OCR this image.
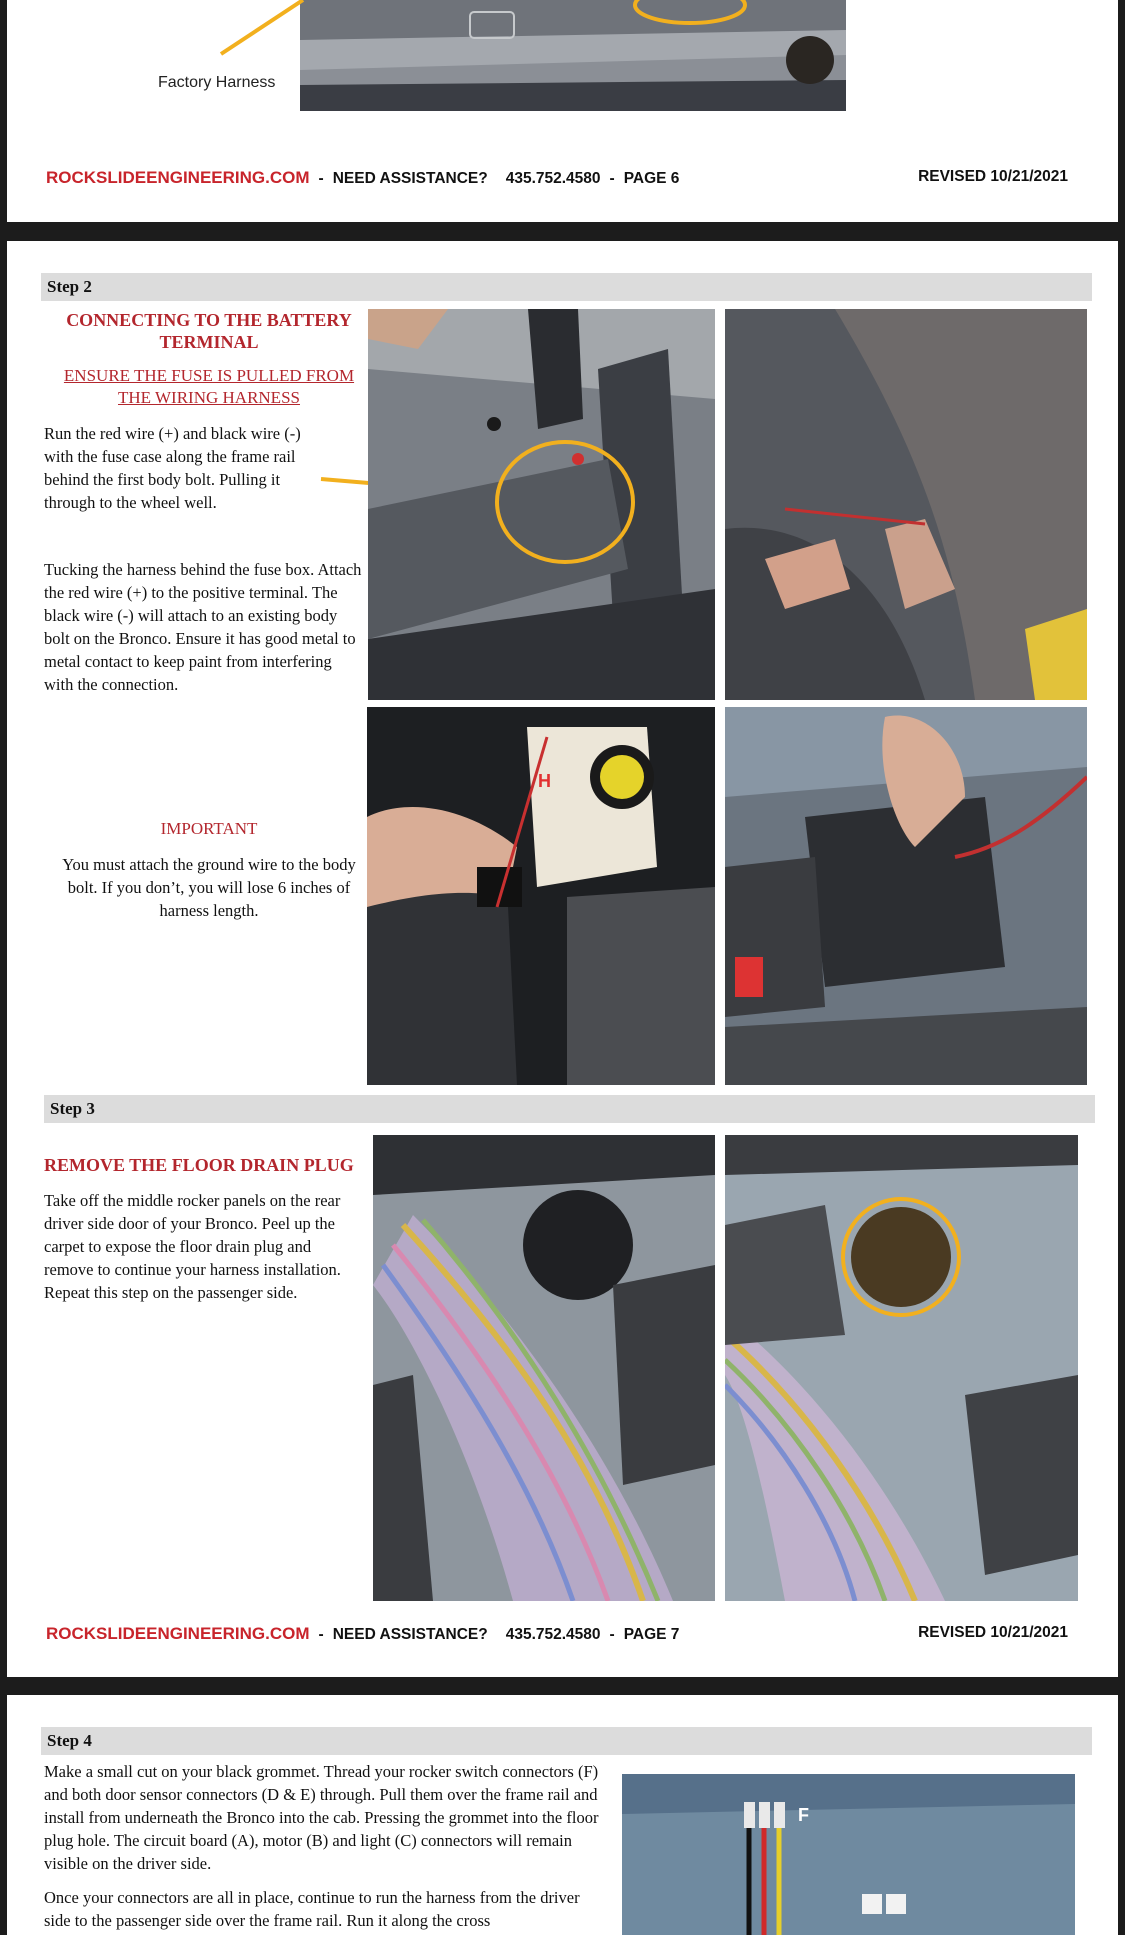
Factory Harness
ROCKSLIDEENGINEERING.COM - NEED ASSISTANCE? 435.752.4580 - PAGE 6	REVISED 10/21/2021
Step 2
CONNECTING TO THE BATTERY TERMINAL
ENSURE THE FUSE IS PULLED FROM THE WIRING HARNESS
Run the red wire (+) and black wire (-) with the fuse case along the frame rail behind the first body bolt. Pulling it through to the wheel well.
Tucking the harness behind the fuse box. Attach the red wire (+) to the positive terminal. The black wire (-) will attach to an existing body bolt on the Bronco. Ensure it has good metal to metal contact to keep paint from interfering with the connection.
IMPORTANT
You must attach the ground wire to the body bolt. If you don’t, you will lose 6 inches of harness length.
H
Step 3
REMOVE THE FLOOR DRAIN PLUG
Take off the middle rocker panels on the rear driver side door of your Bronco. Peel up the carpet to expose the floor drain plug and remove to continue your harness installation. Repeat this step on the passenger side.
ROCKSLIDEENGINEERING.COM - NEED ASSISTANCE? 435.752.4580 - PAGE 7	REVISED 10/21/2021
Step 4
Make a small cut on your black grommet. Thread your rocker switch connectors (F) and both door sensor connectors (D & E) through. Pull them over the frame rail and install from underneath the Bronco into the cab. Pressing the grommet into the floor plug hole. The circuit board (A), motor (B) and light (C) connectors will remain visible on the driver side.
Once your connectors are all in place, continue to run the harness from the driver side to the passenger side over the frame rail. Run it along the cross
F
